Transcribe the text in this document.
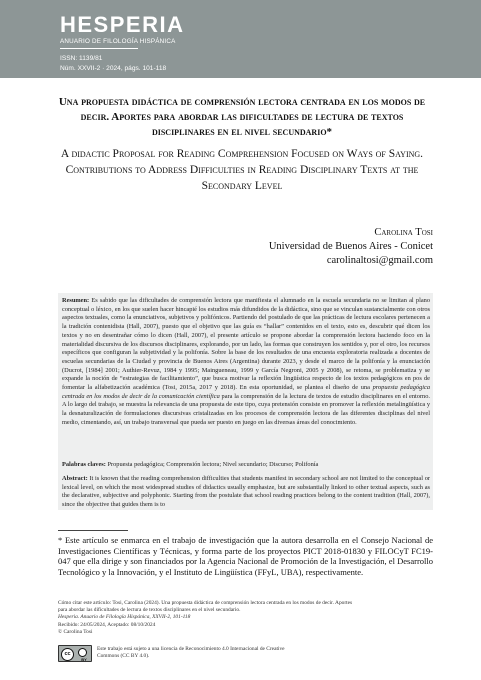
HESPERIA
ANUARIO DE FILOLOGÍA HISPÁNICA
ISSN: 1139/81
Núm. XXVII-2 · 2024, págs. 101-118
Una propuesta didáctica de comprensión lectora centrada en los modos de decir. Aportes para abordar las dificultades de lectura de textos disciplinares en el nivel secundario*
A didactic Proposal for Reading Comprehension Focused on Ways of Saying. Contributions to Address Difficulties in Reading Disciplinary Texts at the Secondary Level
Carolina Tosi
Universidad de Buenos Aires - Conicet
carolinaltosi@gmail.com
Resumen: Es sabido que las dificultades de comprensión lectora que manifiesta el alumnado en la escuela secundaria no se limitan al plano conceptual o léxico, en los que suelen hacer hincapié los estudios más difundidos de la didáctica, sino que se vinculan sustancialmente con otros aspectos textuales, como la enunciativos, subjetivos y polifónicos. Partiendo del postulado de que las prácticas de lectura escolares pertenecen a la tradición contenidista (Hall, 2007), puesto que el objetivo que las guía es “hallar” contenidos en el texto, esto es, descubrir qué dicen los textos y no en desentrañar cómo lo dicen (Hall, 2007), el presente artículo se propone abordar la comprensión lectora haciendo foco en la materialidad discursiva de los discursos disciplinares, explorando, por un lado, las formas que construyen los sentidos y, por el otro, los recursos específicos que configuran la subjetividad y la polifonía. Sobre la base de los resultados de una encuesta exploratoria realizada a docentes de escuelas secundarias de la Ciudad y provincia de Buenos Aires (Argentina) durante 2023, y desde el marco de la polifonía y la enunciación (Ducrot, [1984] 2001; Authier-Revuz, 1984 y 1995; Maingueneau, 1999 y García Negroni, 2005 y 2008), se retoma, se problematiza y se expande la noción de “estrategias de facilitamiento”, que busca motivar la reflexión lingüística respecto de los textos pedagógicos en pos de fomentar la alfabetización académica (Tosi, 2015a, 2017 y 2018). En esta oportunidad, se plantea el diseño de una propuesta pedagógica centrada en los modos de decir de la comunicación científica para la comprensión de la lectura de textos de estudio disciplinares en el entorno. A lo largo del trabajo, se muestra la relevancia de una propuesta de este tipo, cuya pretensión consiste en promover la reflexión metalingüística y la desnaturalización de formulaciones discursivas cristalizadas en los procesos de comprensión lectora de las diferentes disciplinas del nivel medio, cimentando, así, un trabajo transversal que pueda ser puesto en juego en las diversas áreas del conocimiento.
Palabras claves: Propuesta pedagógica; Comprensión lectora; Nivel secundario; Discurso; Polifonía
Abstract: It is known that the reading comprehension difficulties that students manifest in secondary school are not limited to the conceptual or lexical level, on which the most widespread studies of didactics usually emphasize, but are substantially linked to other textual aspects, such as the declarative, subjective and polyphonic. Starting from the postulate that school reading practices belong to the content tradition (Hall, 2007), since the objective that guides them is to
* Este artículo se enmarca en el trabajo de investigación que la autora desarrolla en el Consejo Nacional de Investigaciones Científicas y Técnicas, y forma parte de los proyectos PICT 2018-01830 y FILOCyT FC19-047 que ella dirige y son financiados por la Agencia Nacional de Promoción de la Investigación, el Desarrollo Tecnológico y la Innovación, y el Instituto de Lingüística (FFyL, UBA), respectivamente.
Cómo citar este artículo: Tosi, Carolina (2024). Una propuesta didáctica de comprensión lectora centrada en los modos de decir. Aportes
para abordar las dificultades de lectura de textos disciplinares en el nivel secundario.
Hesperia. Anuario de Filología Hispánica, XXVII-2, 101-118
Recibido: 24/05/2024, Aceptado: 08/10/2024
© Carolina Tosi
cc
BY
Este trabajo está sujeto a una licencia de Reconocimiento 4.0 Internacional de Creative
Commons (CC BY 4.0).
